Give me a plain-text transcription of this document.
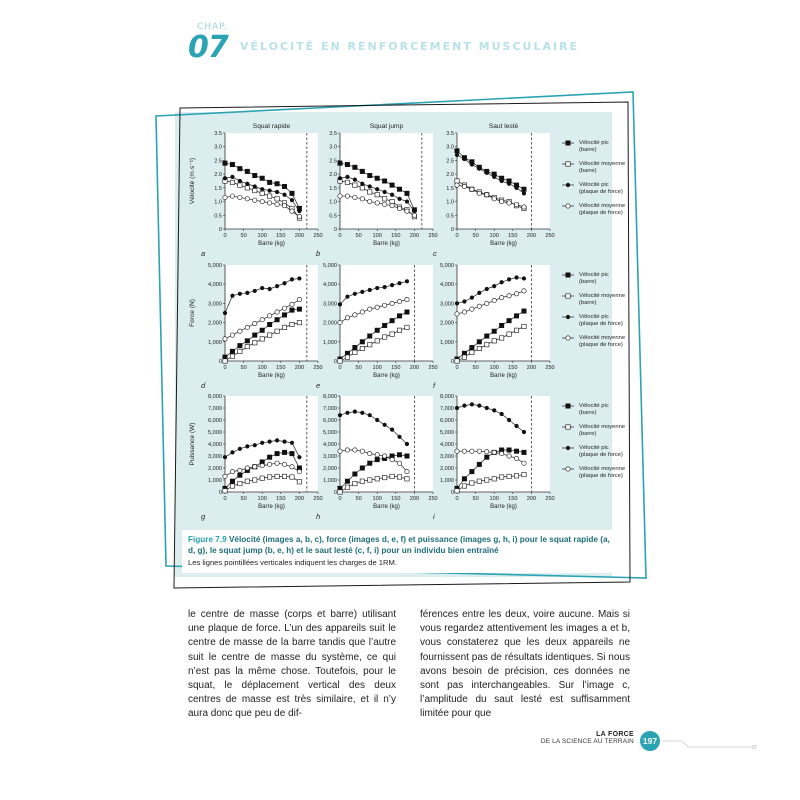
CHAP.
07 VÉLOCITÉ EN RENFORCEMENT MUSCULAIRE
0
0.5
1.0
1.5
2.0
2.5
3.0
3.5
0 50 100 150 200 250
Barre (kg)
a
Squat rapide
Vélocité (m·s⁻¹)
0
0.5
1.0
1.5
2.0
2.5
3.0
3.5
0 50 100 150 200 250
Barre (kg)
b
Squat jump
0
0.5
1.0
1.5
2.0
2.5
3.0
3.5
0 50 100 150 200 250
Barre (kg)
c
Saut lesté
Vélocité pic
(barre)
Vélocité moyenne
(barre)
Vélocité pic
(plaque de force)
Vélocité moyenne
(plaque de force)
0
1,000
2,000
3,000
4,000
5,000
0 50 100 150 200 250
Barre (kg)
d
Force (N)
0
1,000
2,000
3,000
4,000
5,000
0 50 100 150 200 250
Barre (kg)
e
0
1,000
2,000
3,000
4,000
5,000
0 50 100 150 200 250
Barre (kg)
f
Vélocité pic
(barre)
Vélocité moyenne
(barre)
Vélocité pic
(plaque de force)
Vélocité moyenne
(plaque de force)
0
1,000
2,000
3,000
4,000
5,000
6,000
7,000
8,000
0 50 100 150 200 250
Barre (kg)
g
Puissance (W)
0
1,000
2,000
3,000
4,000
5,000
6,000
7,000
8,000
0 50 100 150 200 250
Barre (kg)
h
0
1,000
2,000
3,000
4,000
5,000
6,000
7,000
8,000
0 50 100 150 200 250
Barre (kg)
i
Vélocité pic
(barre)
Vélocité moyenne
(barre)
Vélocité pic
(plaque de force)
Vélocité moyenne
(plaque de force)
Figure 7.9 Vélocité (images a, b, c), force (images d, e, f) et puissance (images g, h, i) pour le squat rapide (a, d, g), le squat jump (b, e, h) et le saut lesté (c, f, i) pour un individu bien entraîné
Les lignes pointillées verticales indiquent les charges de 1RM.
le centre de masse (corps et barre) utilisant une plaque de force. L’un des appareils suit le centre de masse de la barre tandis que l’autre suit le centre de masse du système, ce qui n’est pas la même chose. Toutefois, pour le squat, le déplacement vertical des deux centres de masse est très similaire, et il n’y aura donc que peu de dif-
férences entre les deux, voire aucune. Mais si vous regardez attentivement les images a et b, vous constaterez que les deux appareils ne fournissent pas de résultats identiques. Si nous avons besoin de précision, ces données ne sont pas interchangeables. Sur l’image c, l’amplitude du saut lesté est suffisamment limitée pour que
LA FORCE
DE LA SCIENCE AU TERRAIN	197
